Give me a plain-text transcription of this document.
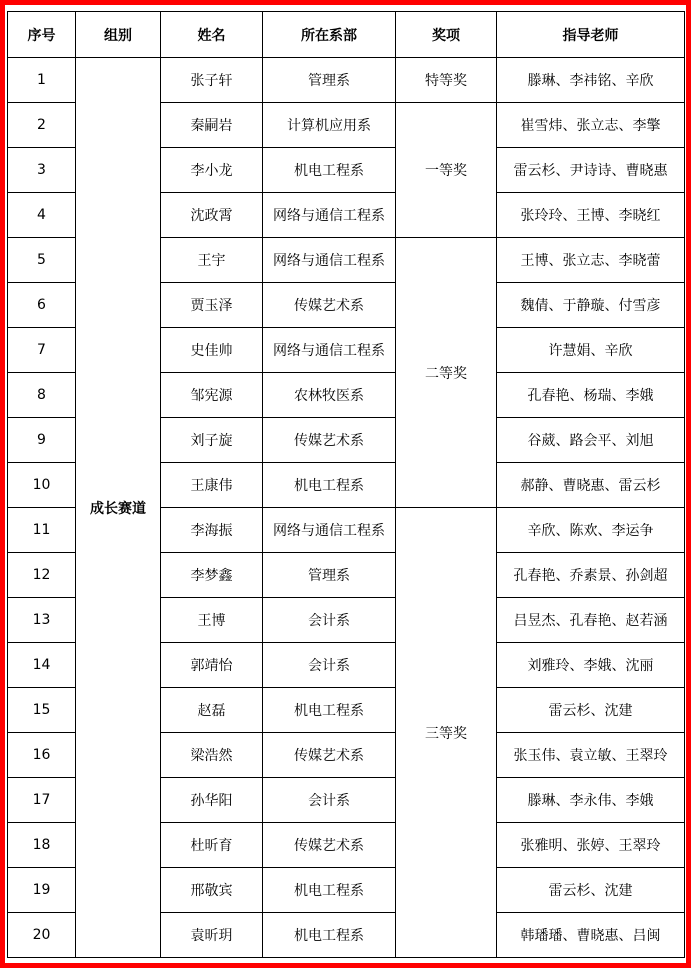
序号	组别	姓名	所在系部	奖项	指导老师
1	成长赛道	张子轩	管理系	特等奖	滕琳、李祎铭、辛欣
2		秦嗣岩	计算机应用系	一等奖	崔雪炜、张立志、李擎
3		李小龙	机电工程系		雷云杉、尹诗诗、曹晓惠
4		沈政霄	网络与通信工程系		张玲玲、王博、李晓红
5		王宇	网络与通信工程系	二等奖	王博、张立志、李晓蕾
6		贾玉泽	传媒艺术系		魏倩、于静璇、付雪彦
7		史佳帅	网络与通信工程系		许慧娟、辛欣
8		邹宪源	农林牧医系		孔春艳、杨瑞、李娥
9		刘子旋	传媒艺术系		谷葳、路会平、刘旭
10		王康伟	机电工程系		郝静、曹晓惠、雷云杉
11		李海振	网络与通信工程系	三等奖	辛欣、陈欢、李运争
12		李梦鑫	管理系		孔春艳、乔素景、孙剑超
13		王博	会计系		吕昱杰、孔春艳、赵若涵
14		郭靖怡	会计系		刘雅玲、李娥、沈丽
15		赵磊	机电工程系		雷云杉、沈建
16		梁浩然	传媒艺术系		张玉伟、袁立敏、王翠玲
17		孙华阳	会计系		滕琳、李永伟、李娥
18		杜昕育	传媒艺术系		张雅明、张婷、王翠玲
19		邢敬宾	机电工程系		雷云杉、沈建
20		袁昕玥	机电工程系		韩璠璠、曹晓惠、吕闽
